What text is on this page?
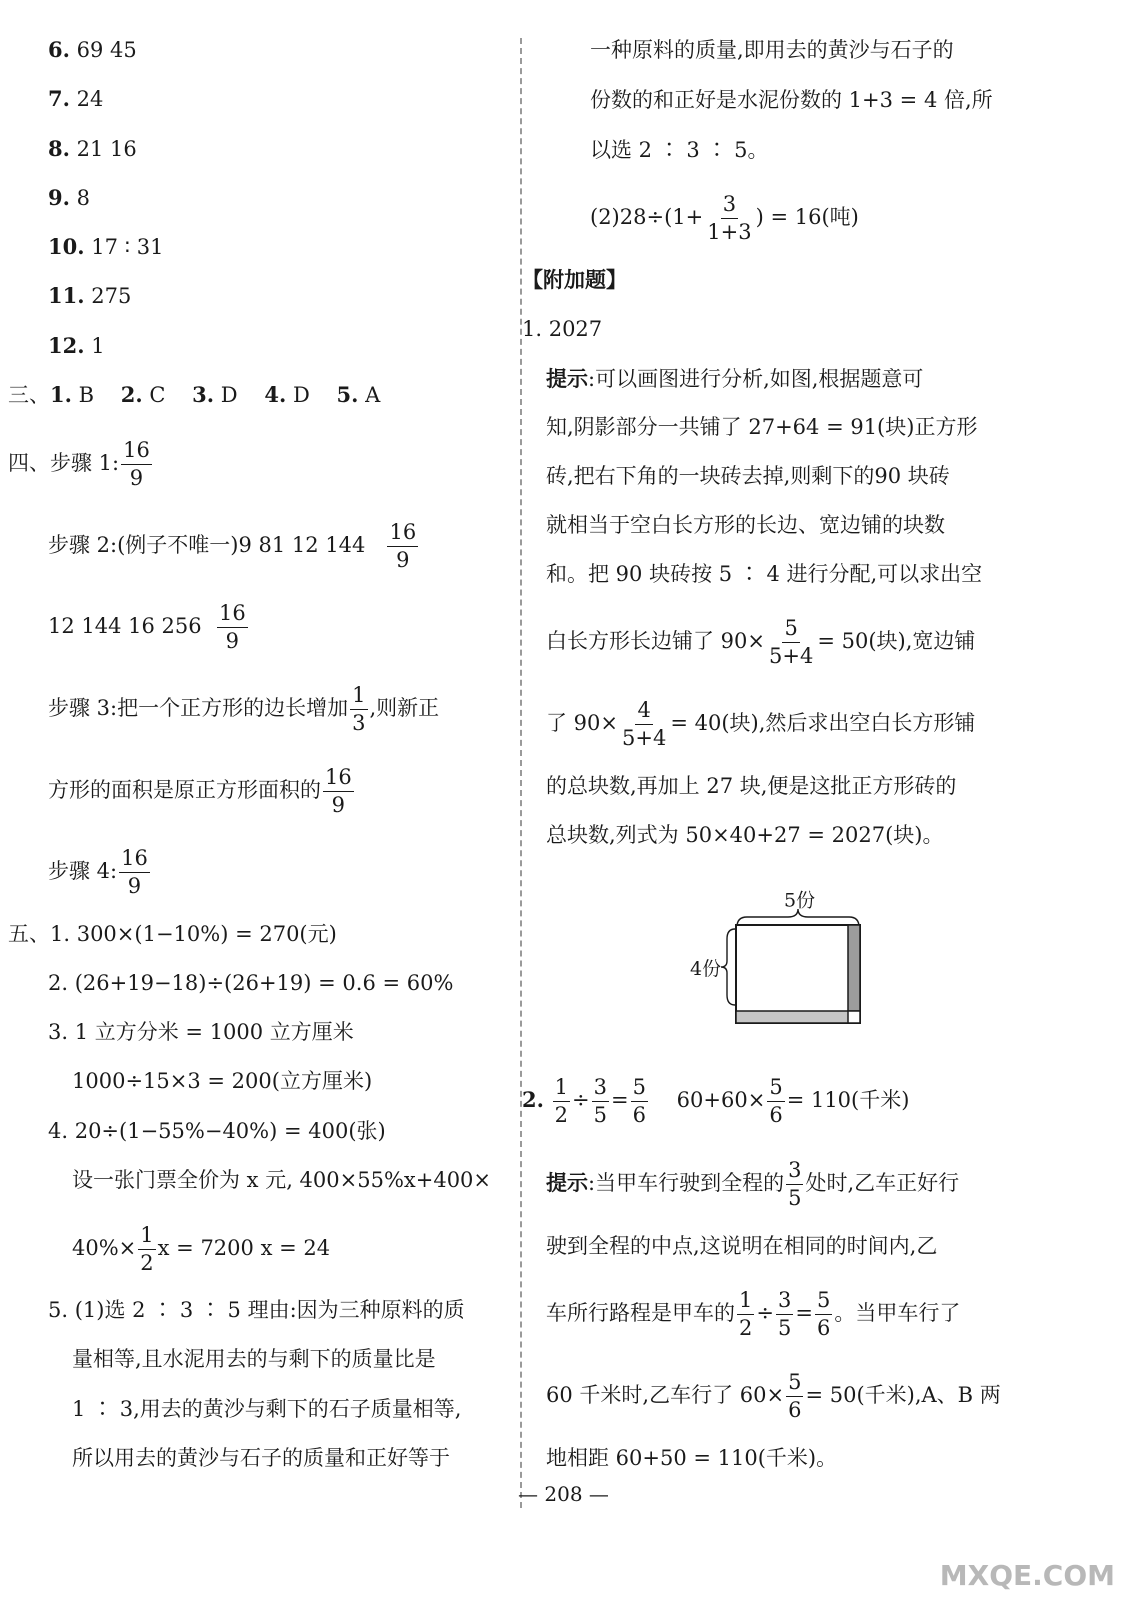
6. 69 45
7. 24
8. 21 16
9. 8
10. 17 ∶ 31
11. 275
12. 1
三、1. B 2. C 3. D 4. D 5. A
四、步骤 1: $\frac{16}{9}$
步骤 2:(例子不唯一)9 81 12 $144 \frac{16}{9}$
12 144 16 $256 \frac{16}{9}$
步骤 3:把一个正方形的边长增加 $\frac{1}{3}$ ,则新正
方形的面积是原正方形面积的 $\frac{16}{9}$
步骤 4: $\frac{16}{9}$
五、1. 300×(1−10%) = 270(元)
2. (26+19−18)÷(26+19) = 0.6 = 60%
3. 1 立方分米 = 1000 立方厘米
1000÷15×3 = 200(立方厘米)
4. 20÷(1−55%−40%) = 400(张)
设一张门票全价为 x 元, 400×55%x+400×
$40\%\times \frac{1}{2}$ x = 7200 x = 24
5. (1)选 2 ∶ 3 ∶ 5 理由:因为三种原料的质
量相等,且水泥用去的与剩下的质量比是
1 ∶ 3,用去的黄沙与剩下的石子质量相等,
所以用去的黄沙与石子的质量和正好等于
一种原料的质量,即用去的黄沙与石子的
份数的和正好是水泥份数的 1+3 = 4 倍,所
以选 2 ∶ 3 ∶ 5。
$(2)28\div(1+ \frac{3}{1+3}$ ) = 16(吨)
【附加题】
1. 2027
提示:可以画图进行分析,如图,根据题意可
知,阴影部分一共铺了 27+64 = 91(块)正方形
砖,把右下角的一块砖去掉,则剩下的90 块砖
就相当于空白长方形的长边、宽边铺的块数
和。把 90 块砖按 5 ∶ 4 进行分配,可以求出空
白长方形长边铺了 $90\times \frac{5}{5+4} = 50$(块),宽边铺
了 $90\times \frac{4}{5+4} = 40$(块),然后求出空白长方形铺
的总块数,再加上 27 块,便是这批正方形砖的
总块数,列式为 50×40+27 = 2027(块)。
5份
4份
2. $\frac{1}{2} \div \frac{3}{5} = \frac{5}{6} 60+60\times \frac{5}{6} = 110$(千米)
提示:当甲车行驶到全程的 $\frac{3}{5}$ 处时,乙车正好行
驶到全程的中点,这说明在相同的时间内,乙
车所行路程是甲车的 $\frac{1}{2} \div \frac{3}{5} = \frac{5}{6}$ 。当甲车行了
60 千米时,乙车行了 $60\times \frac{5}{6} = 50$(千米),A、B 两
地相距 60+50 = 110(千米)。
— 208 —
MXQE.COM
